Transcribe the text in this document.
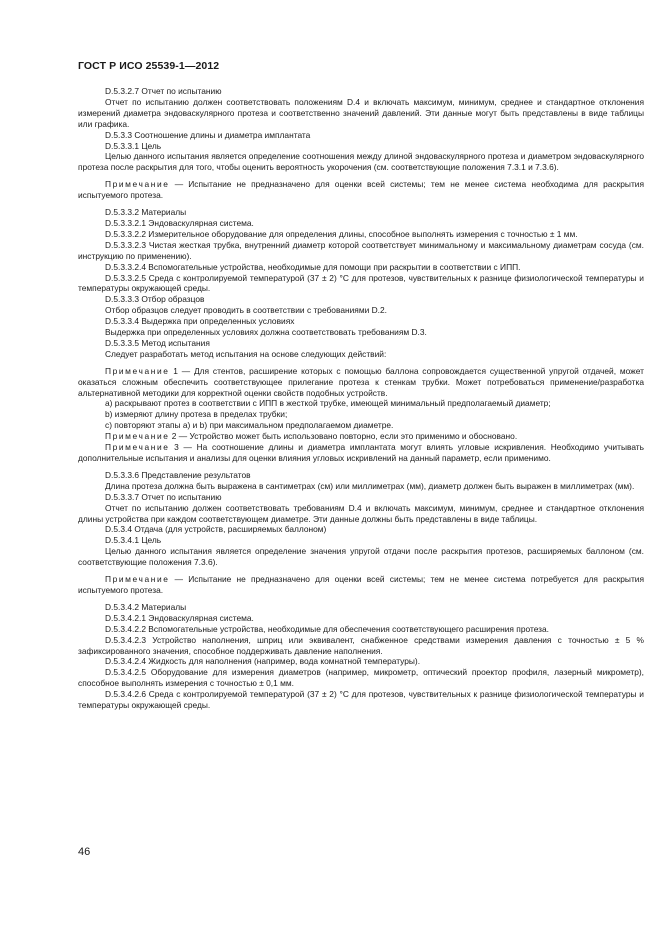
ГОСТ Р ИСО 25539-1—2012

D.5.3.2.7 Отчет по испытанию

Отчет по испытанию должен соответствовать положениям D.4 и включать максимум, минимум, среднее и стандартное отклонения измерений диаметра эндоваскулярного протеза и соответственно значений давлений. Эти данные могут быть представлены в виде таблицы или графика.

D.5.3.3 Соотношение длины и диаметра имплантата

D.5.3.3.1 Цель

Целью данного испытания является определение соотношения между длиной эндоваскулярного протеза и диаметром эндоваскулярного протеза после раскрытия для того, чтобы оценить вероятность укорочения (см. соответствующие положения 7.3.1 и 7.3.6).

Примечание — Испытание не предназначено для оценки всей системы; тем не менее система необходима для раскрытия испытуемого протеза.

D.5.3.3.2 Материалы

D.5.3.3.2.1 Эндоваскулярная система.

D.5.3.3.2.2 Измерительное оборудование для определения длины, способное выполнять измерения с точностью ± 1 мм.

D.5.3.3.2.3 Чистая жесткая трубка, внутренний диаметр которой соответствует минимальному и максимальному диаметрам сосуда (см. инструкцию по применению).

D.5.3.3.2.4 Вспомогательные устройства, необходимые для помощи при раскрытии в соответствии с ИПП.

D.5.3.3.2.5 Среда с контролируемой температурой (37 ± 2) °С для протезов, чувствительных к разнице физиологической температуры и температуры окружающей среды.

D.5.3.3.3 Отбор образцов

Отбор образцов следует проводить в соответствии с требованиями D.2.

D.5.3.3.4 Выдержка при определенных условиях

Выдержка при определенных условиях должна соответствовать требованиям D.3.

D.5.3.3.5 Метод испытания

Следует разработать метод испытания на основе следующих действий:

Примечание 1 — Для стентов, расширение которых с помощью баллона сопровождается существенной упругой отдачей, может оказаться сложным обеспечить соответствующее прилегание протеза к стенкам трубки. Может потребоваться применение/разработка альтернативной методики для корректной оценки свойств подобных устройств.

a) раскрывают протез в соответствии с ИПП в жесткой трубке, имеющей минимальный предполагаемый диаметр;

b) измеряют длину протеза в пределах трубки;

c) повторяют этапы a) и b) при максимальном предполагаемом диаметре.

Примечание 2 — Устройство может быть использовано повторно, если это применимо и обосновано.

Примечание 3 — На соотношение длины и диаметра имплантата могут влиять угловые искривления. Необходимо учитывать дополнительные испытания и анализы для оценки влияния угловых искривлений на данный параметр, если применимо.

D.5.3.3.6 Представление результатов

Длина протеза должна быть выражена в сантиметрах (см) или миллиметрах (мм), диаметр должен быть выражен в миллиметрах (мм).

D.5.3.3.7 Отчет по испытанию

Отчет по испытанию должен соответствовать требованиям D.4 и включать максимум, минимум, среднее и стандартное отклонения длины устройства при каждом соответствующем диаметре. Эти данные должны быть представлены в виде таблицы.

D.5.3.4 Отдача (для устройств, расширяемых баллоном)

D.5.3.4.1 Цель

Целью данного испытания является определение значения упругой отдачи после раскрытия протезов, расширяемых баллоном (см. соответствующие положения 7.3.6).

Примечание — Испытание не предназначено для оценки всей системы; тем не менее система потребуется для раскрытия испытуемого протеза.

D.5.3.4.2 Материалы

D.5.3.4.2.1 Эндоваскулярная система.

D.5.3.4.2.2 Вспомогательные устройства, необходимые для обеспечения соответствующего расширения протеза.

D.5.3.4.2.3 Устройство наполнения, шприц или эквивалент, снабженное средствами измерения давления с точностью ± 5 % зафиксированного значения, способное поддерживать давление наполнения.

D.5.3.4.2.4 Жидкость для наполнения (например, вода комнатной температуры).

D.5.3.4.2.5 Оборудование для измерения диаметров (например, микрометр, оптический проектор профиля, лазерный микрометр), способное выполнять измерения с точностью ± 0,1 мм.

D.5.3.4.2.6 Среда с контролируемой температурой (37 ± 2) °С для протезов, чувствительных к разнице физиологической температуры и температуры окружающей среды.

46
